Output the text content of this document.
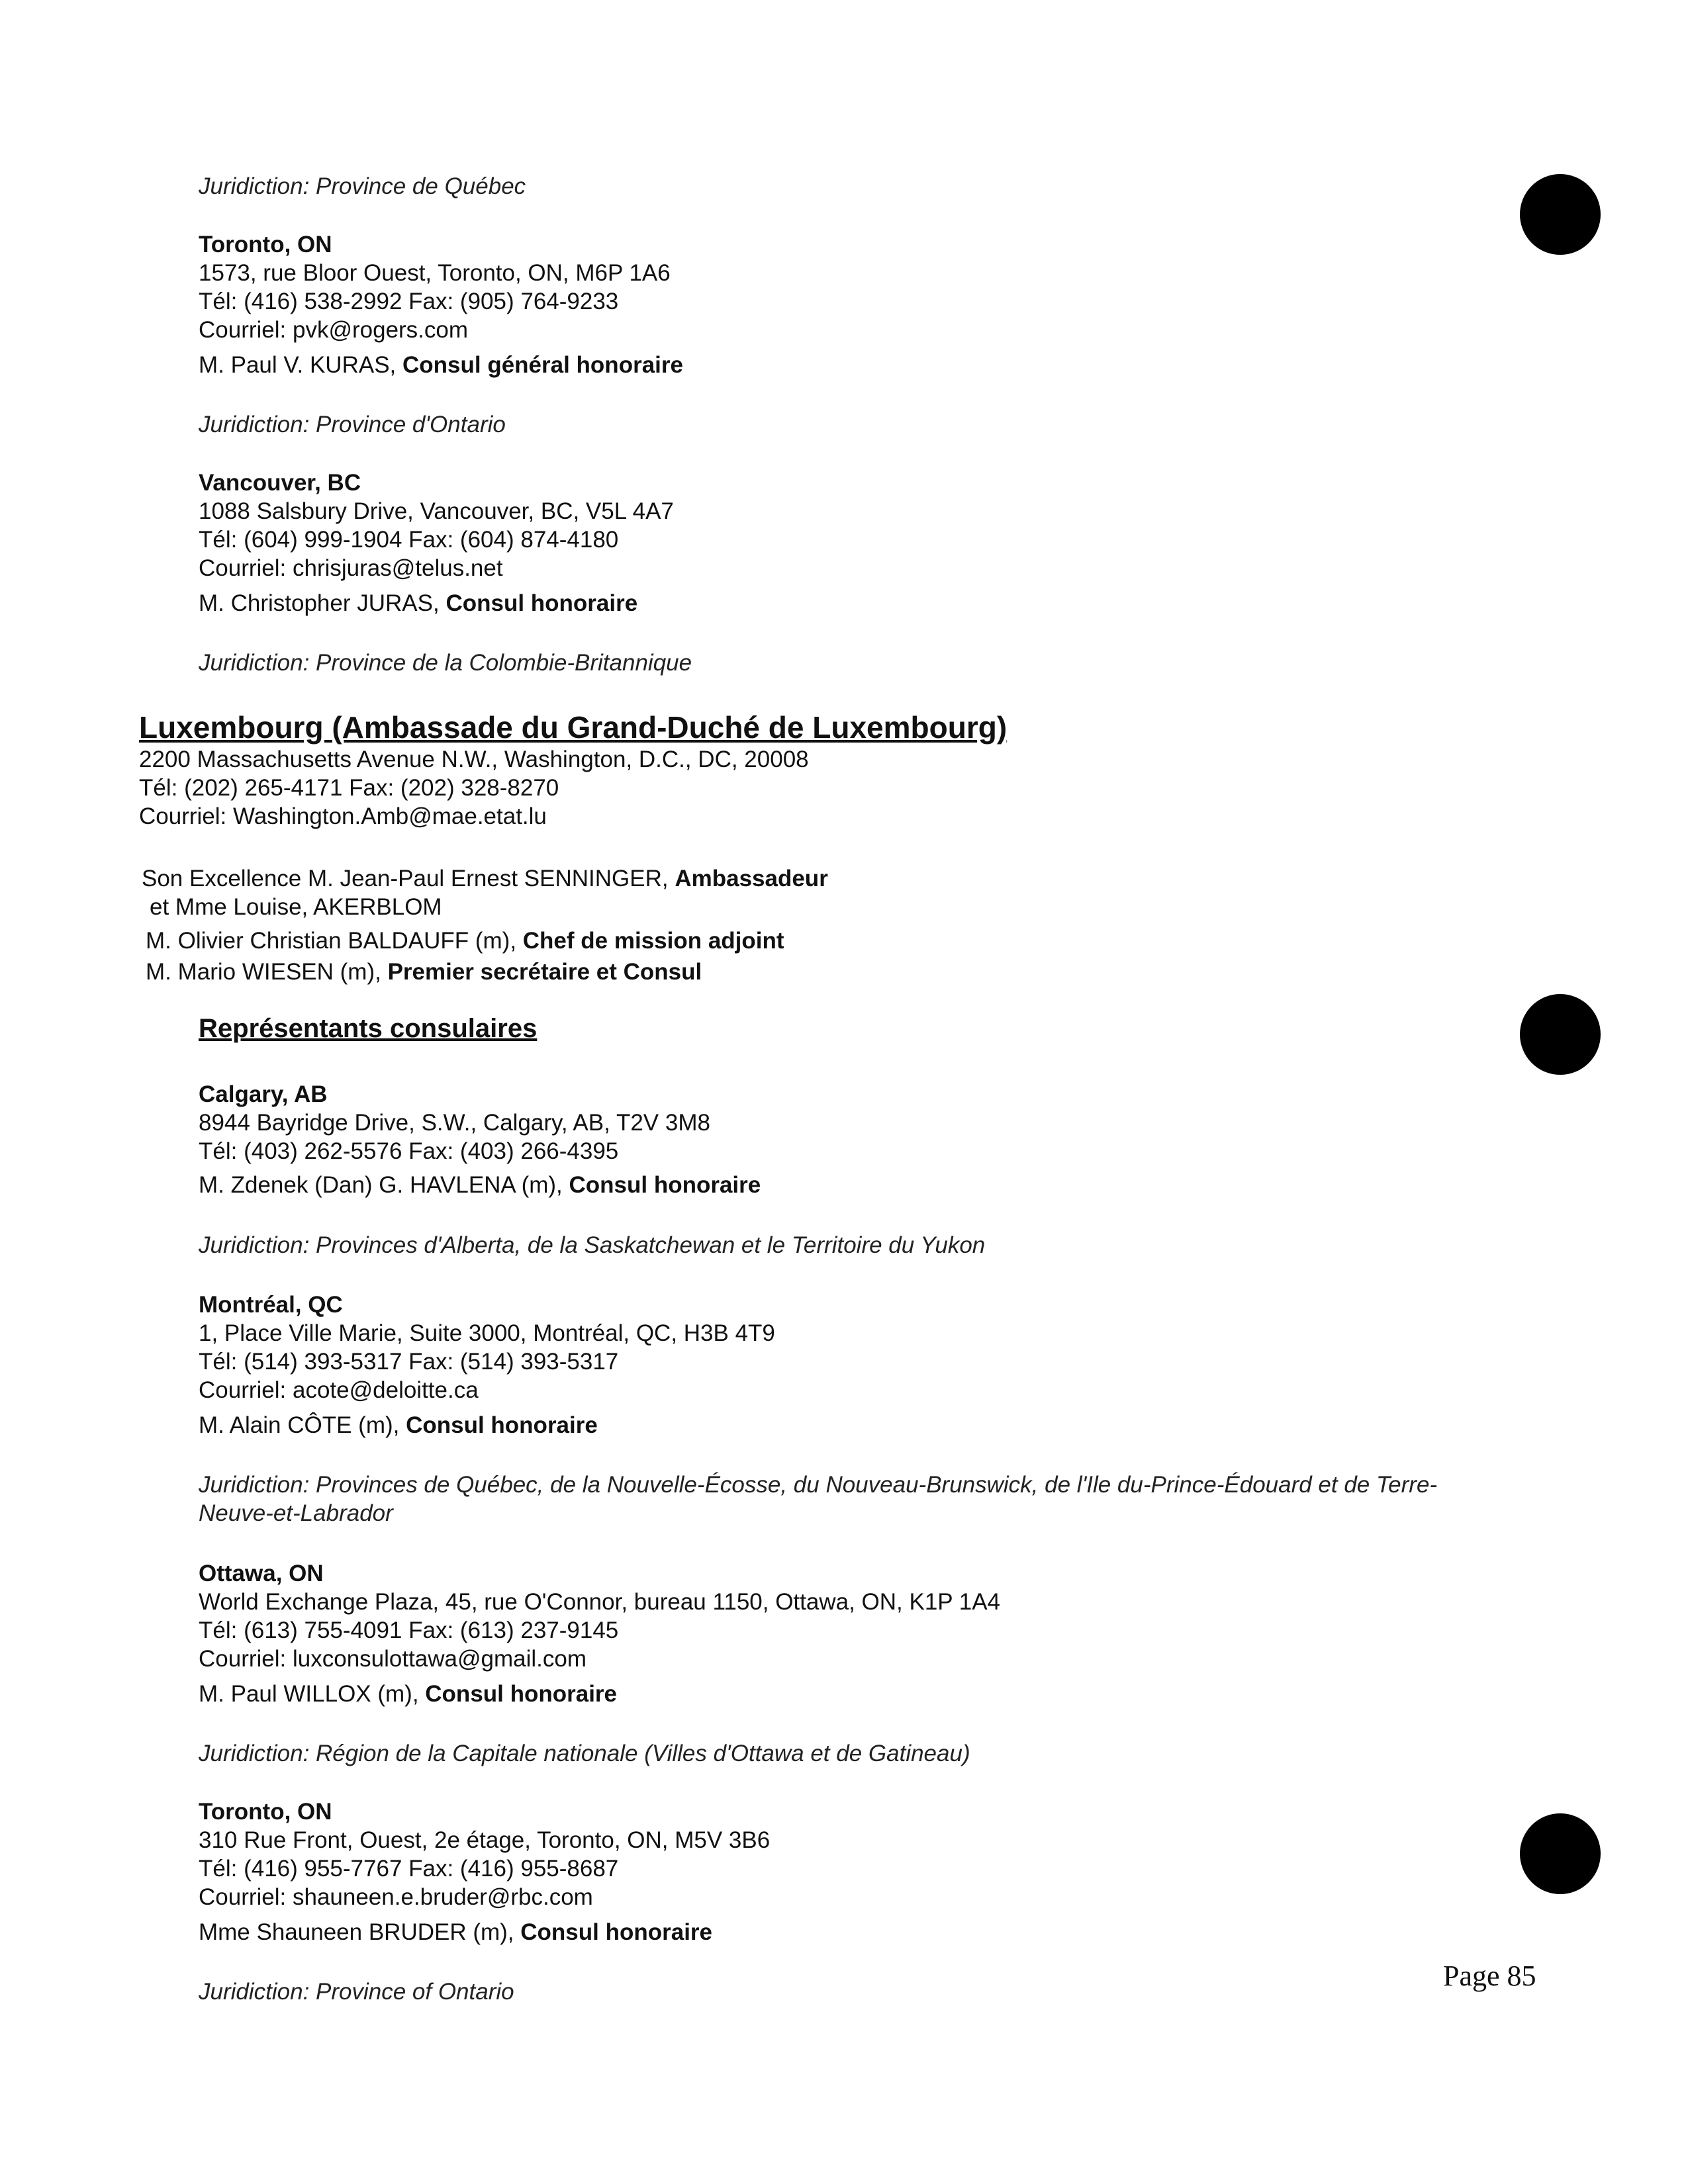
Juridiction: Province de Québec

Toronto, ON

1573, rue Bloor Ouest, Toronto, ON, M6P 1A6

Tél: (416) 538-2992 Fax: (905) 764-9233

Courriel: pvk@rogers.com

M. Paul V. KURAS, Consul général honoraire

Juridiction: Province d'Ontario

Vancouver, BC

1088 Salsbury Drive, Vancouver, BC, V5L 4A7

Tél: (604) 999-1904 Fax: (604) 874-4180

Courriel: chrisjuras@telus.net

M. Christopher JURAS, Consul honoraire

Juridiction: Province de la Colombie-Britannique

Luxembourg (Ambassade du Grand-Duché de Luxembourg)

2200 Massachusetts Avenue N.W., Washington, D.C., DC, 20008

Tél: (202) 265-4171 Fax: (202) 328-8270

Courriel: Washington.Amb@mae.etat.lu

Son Excellence M. Jean-Paul Ernest SENNINGER, Ambassadeur

et Mme Louise, AKERBLOM

M. Olivier Christian BALDAUFF (m), Chef de mission adjoint

M. Mario WIESEN (m), Premier secrétaire et Consul

Représentants consulaires

Calgary, AB

8944 Bayridge Drive, S.W., Calgary, AB, T2V 3M8

Tél: (403) 262-5576 Fax: (403) 266-4395

M. Zdenek (Dan) G. HAVLENA (m), Consul honoraire

Juridiction: Provinces d'Alberta, de la Saskatchewan et le Territoire du Yukon

Montréal, QC

1, Place Ville Marie, Suite 3000, Montréal, QC, H3B 4T9

Tél: (514) 393-5317 Fax: (514) 393-5317

Courriel: acote@deloitte.ca

M. Alain CÔTE (m), Consul honoraire

Juridiction: Provinces de Québec, de la Nouvelle-Écosse, du Nouveau-Brunswick, de l'Ile du-Prince-Édouard et de Terre-

Neuve-et-Labrador

Ottawa, ON

World Exchange Plaza, 45, rue O'Connor, bureau 1150, Ottawa, ON, K1P 1A4

Tél: (613) 755-4091 Fax: (613) 237-9145

Courriel: luxconsulottawa@gmail.com

M. Paul WILLOX (m), Consul honoraire

Juridiction: Région de la Capitale nationale (Villes d'Ottawa et de Gatineau)

Toronto, ON

310 Rue Front, Ouest, 2e étage, Toronto, ON, M5V 3B6

Tél: (416) 955-7767 Fax: (416) 955-8687

Courriel: shauneen.e.bruder@rbc.com

Mme Shauneen BRUDER (m), Consul honoraire

Juridiction: Province of Ontario	Page 85
